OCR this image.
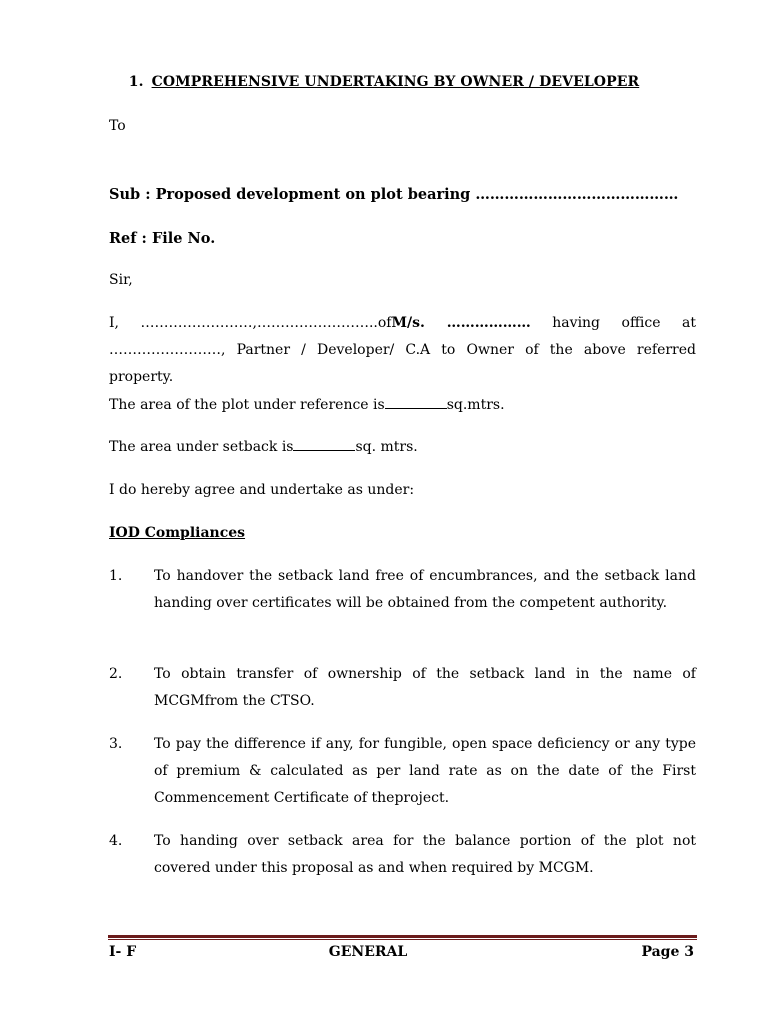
1. COMPREHENSIVE UNDERTAKING BY OWNER / DEVELOPER
To
Sub : Proposed development on plot bearing ……………………………………
Ref : File No.
Sir,
I, ……………………,……………………..ofM/s. ……………… having office at
……………………, Partner / Developer/ C.A to Owner of the above referred
property.
The area of the plot under reference is	sq.mtrs.
The area under setback is	sq. mtrs.
I do hereby agree and undertake as under:
IOD Compliances
1. To handover the setback land free of encumbrances, and the setback land handing over certificates will be obtained from the competent authority.
2. To obtain transfer of ownership of the setback land in the name of MCGMfrom the CTSO.
3. To pay the difference if any, for fungible, open space deficiency or any type of premium & calculated as per land rate as on the date of the First Commencement Certificate of theproject.
4. To handing over setback area for the balance portion of the plot not covered under this proposal as and when required by MCGM.
I- F	GENERAL	Page 3
